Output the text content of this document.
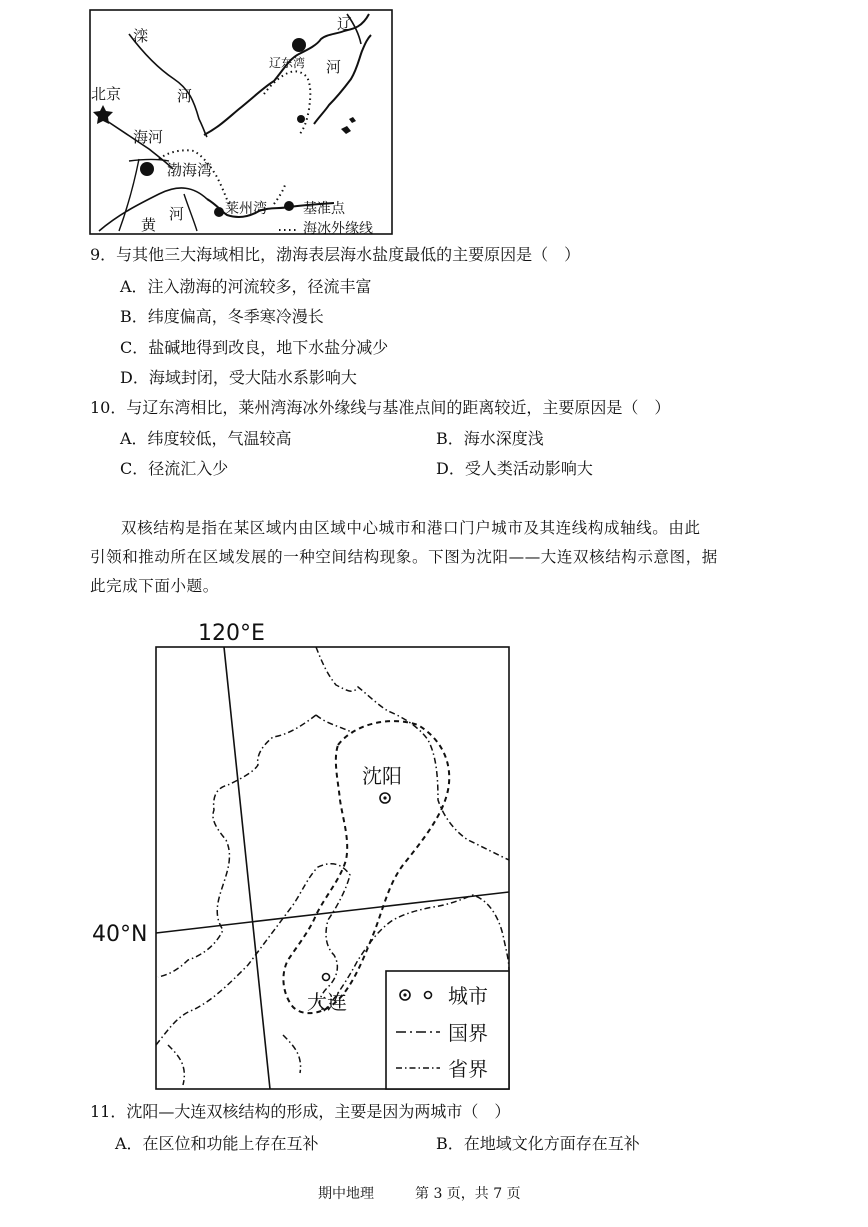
滦
河
辽
河
辽东湾
北京
海河
渤海湾
黄
河	莱州湾	基准点
海冰外缘线
9．与其他三大海域相比，渤海表层海水盐度最低的主要原因是（　）
A．注入渤海的河流较多，径流丰富
B．纬度偏高，冬季寒冷漫长
C．盐碱地得到改良，地下水盐分减少
D．海域封闭，受大陆水系影响大
10．与辽东湾相比，莱州湾海冰外缘线与基准点间的距离较近，主要原因是（　）
A．纬度较低，气温较高	B．海水深度浅
C．径流汇入少	D．受人类活动影响大
双核结构是指在某区域内由区域中心城市和港口门户城市及其连线构成轴线。由此
引领和推动所在区域发展的一种空间结构现象。下图为沈阳——大连双核结构示意图，据
此完成下面小题。
120°E
40°N
沈阳
大连	城市
国界
省界
11．沈阳—大连双核结构的形成，主要是因为两城市（　）
A．在区位和功能上存在互补	B．在地域文化方面存在互补
期中地理	第 3 页，共 7 页
